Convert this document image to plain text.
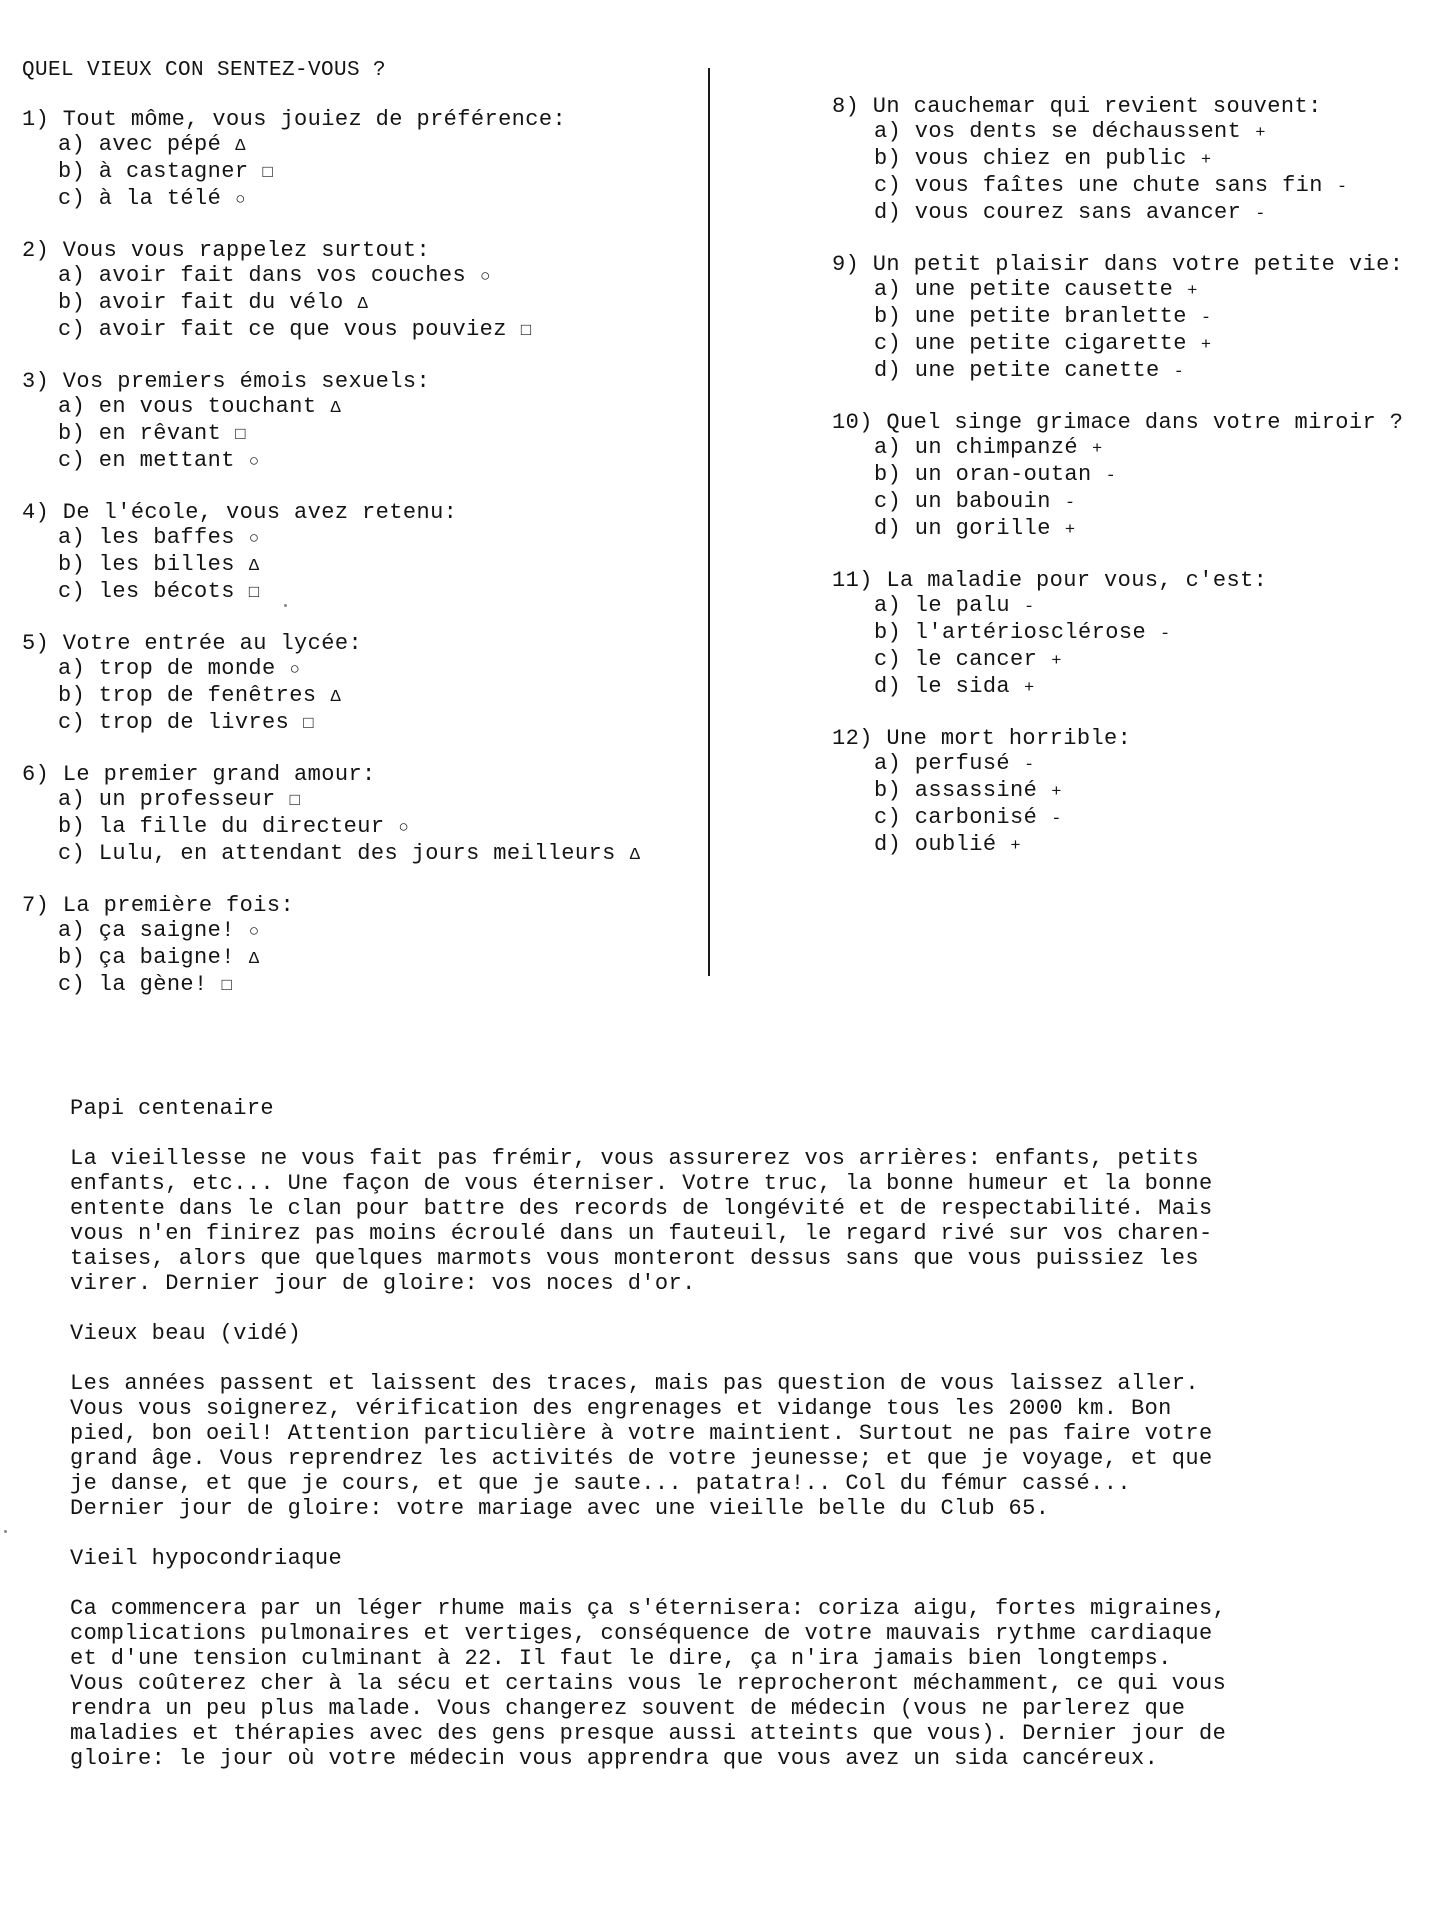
QUEL VIEUX CON SENTEZ-VOUS ?
1) Tout môme, vous jouiez de préférence:
a) avec pépé Δ
b) à castagner □
c) à la télé ○
2) Vous vous rappelez surtout:
a) avoir fait dans vos couches ○
b) avoir fait du vélo Δ
c) avoir fait ce que vous pouviez □
3) Vos premiers émois sexuels:
a) en vous touchant Δ
b) en rêvant □
c) en mettant ○
4) De l'école, vous avez retenu:
a) les baffes ○
b) les billes Δ
c) les bécots □
5) Votre entrée au lycée:
a) trop de monde ○
b) trop de fenêtres Δ
c) trop de livres □
6) Le premier grand amour:
a) un professeur □
b) la fille du directeur ○
c) Lulu, en attendant des jours meilleurs Δ
7) La première fois:
a) ça saigne! ○
b) ça baigne! Δ
c) la gène! □
8) Un cauchemar qui revient souvent:
a) vos dents se déchaussent +
b) vous chiez en public +
c) vous faîtes une chute sans fin -
d) vous courez sans avancer -
9) Un petit plaisir dans votre petite vie:
a) une petite causette +
b) une petite branlette -
c) une petite cigarette +
d) une petite canette -
10) Quel singe grimace dans votre miroir ?
a) un chimpanzé +
b) un oran-outan -
c) un babouin -
d) un gorille +
11) La maladie pour vous, c'est:
a) le palu -
b) l'artériosclérose -
c) le cancer +
d) le sida +
12) Une mort horrible:
a) perfusé -
b) assassiné +
c) carbonisé -
d) oublié +
Papi centenaire
La vieillesse ne vous fait pas frémir, vous assurerez vos arrières: enfants, petits
enfants, etc... Une façon de vous éterniser. Votre truc, la bonne humeur et la bonne
entente dans le clan pour battre des records de longévité et de respectabilité. Mais
vous n'en finirez pas moins écroulé dans un fauteuil, le regard rivé sur vos charen-
taises, alors que quelques marmots vous monteront dessus sans que vous puissiez les
virer. Dernier jour de gloire: vos noces d'or.
Vieux beau (vidé)
Les années passent et laissent des traces, mais pas question de vous laissez aller.
Vous vous soignerez, vérification des engrenages et vidange tous les 2000 km. Bon
pied, bon oeil! Attention particulière à votre maintient. Surtout ne pas faire votre
grand âge. Vous reprendrez les activités de votre jeunesse; et que je voyage, et que
je danse, et que je cours, et que je saute... patatra!.. Col du fémur cassé...
Dernier jour de gloire: votre mariage avec une vieille belle du Club 65.
Vieil hypocondriaque
Ca commencera par un léger rhume mais ça s'éternisera: coriza aigu, fortes migraines,
complications pulmonaires et vertiges, conséquence de votre mauvais rythme cardiaque
et d'une tension culminant à 22. Il faut le dire, ça n'ira jamais bien longtemps.
Vous coûterez cher à la sécu et certains vous le reprocheront méchamment, ce qui vous
rendra un peu plus malade. Vous changerez souvent de médecin (vous ne parlerez que
maladies et thérapies avec des gens presque aussi atteints que vous). Dernier jour de
gloire: le jour où votre médecin vous apprendra que vous avez un sida cancéreux.
